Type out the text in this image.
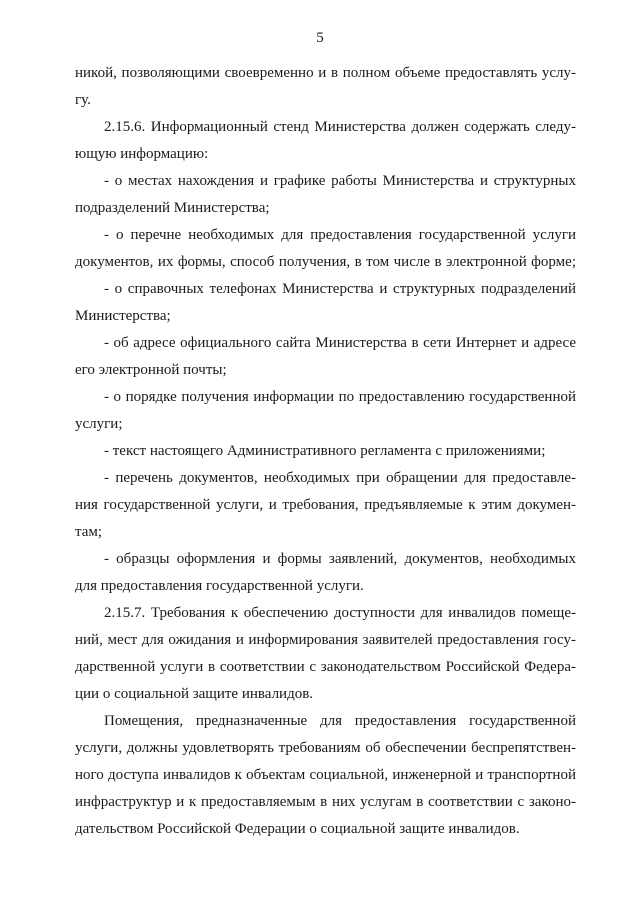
5
никой, позволяющими своевременно и в полном объеме предоставлять услу-
гу.
2.15.6. Информационный стенд Министерства должен содержать следу-
ющую информацию:
- о местах нахождения и графике работы Министерства и структурных
подразделений Министерства;
- о перечне необходимых для предоставления государственной услуги
документов, их формы, способ получения, в том числе в электронной форме;
- о справочных телефонах Министерства и структурных подразделений
Министерства;
- об адресе официального сайта Министерства в сети Интернет и адресе
его электронной почты;
- о порядке получения информации по предоставлению государственной
услуги;
- текст настоящего Административного регламента с приложениями;
- перечень документов, необходимых при обращении для предоставле-
ния государственной услуги, и требования, предъявляемые к этим докумен-
там;
- образцы оформления и формы заявлений, документов, необходимых
для предоставления государственной услуги.
2.15.7. Требования к обеспечению доступности для инвалидов помеще-
ний, мест для ожидания и информирования заявителей предоставления госу-
дарственной услуги в соответствии с законодательством Российской Федера-
ции о социальной защите инвалидов.
Помещения, предназначенные для предоставления государственной
услуги, должны удовлетворять требованиям об обеспечении беспрепятствен-
ного доступа инвалидов к объектам социальной, инженерной и транспортной
инфраструктур и к предоставляемым в них услугам в соответствии с законо-
дательством Российской Федерации о социальной защите инвалидов.
